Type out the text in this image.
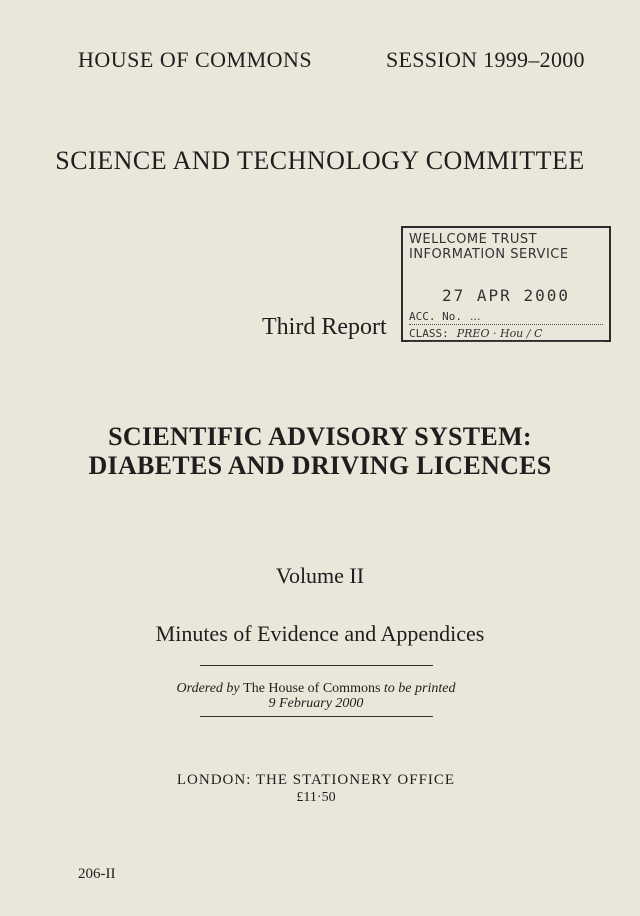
HOUSE OF COMMONS	SESSION 1999–2000
SCIENCE AND TECHNOLOGY COMMITTEE
WELLCOME TRUST INFORMATION SERVICE
27 APR 2000
ACC. No. ...
CLASS: PREO · Hou / C
Third Report
SCIENTIFIC ADVISORY SYSTEM:
DIABETES AND DRIVING LICENCES
Volume II
Minutes of Evidence and Appendices
Ordered by The House of Commons to be printed
9 February 2000
LONDON: THE STATIONERY OFFICE
£11·50
206-II
